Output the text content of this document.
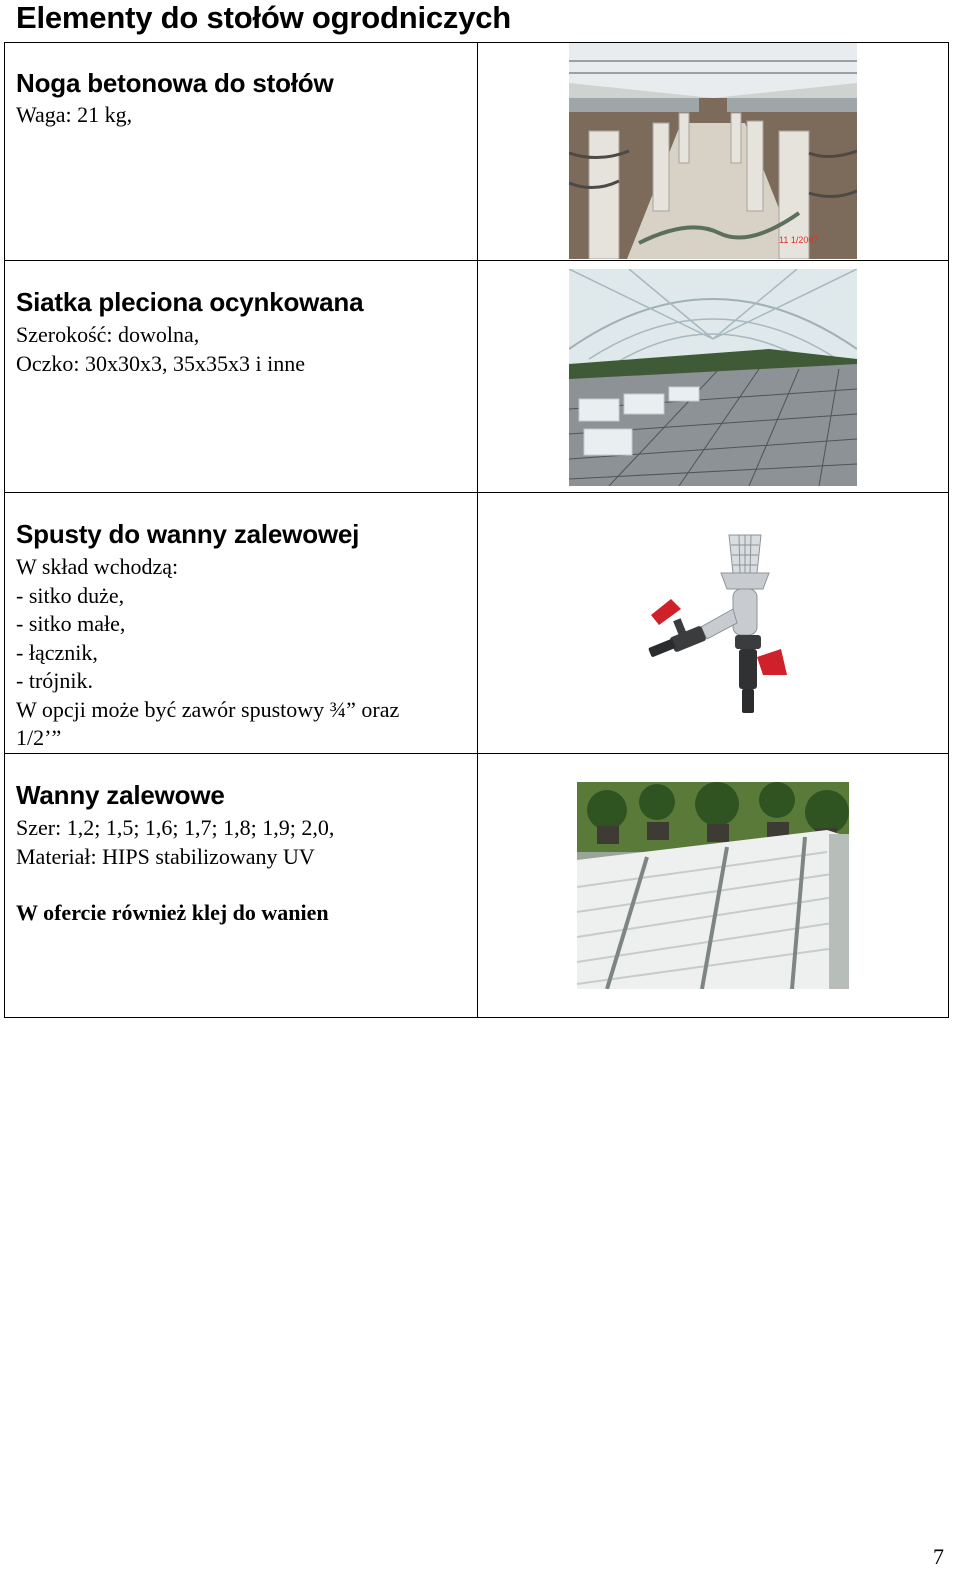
Elementy do stołów ogrodniczych
Noga betonowa do stołów
Waga: 21 kg,
11 1/2007
Siatka pleciona ocynkowana
Szerokość: dowolna,
Oczko: 30x30x3, 35x35x3 i inne
Spusty do wanny zalewowej
W skład wchodzą:
- sitko duże,
- sitko małe,
- łącznik,
- trójnik.
W opcji może być zawór spustowy ¾” oraz
1/2’”
Wanny zalewowe
Szer: 1,2; 1,5; 1,6; 1,7; 1,8; 1,9; 2,0,
Materiał: HIPS stabilizowany UV
W ofercie również klej do wanien
7
